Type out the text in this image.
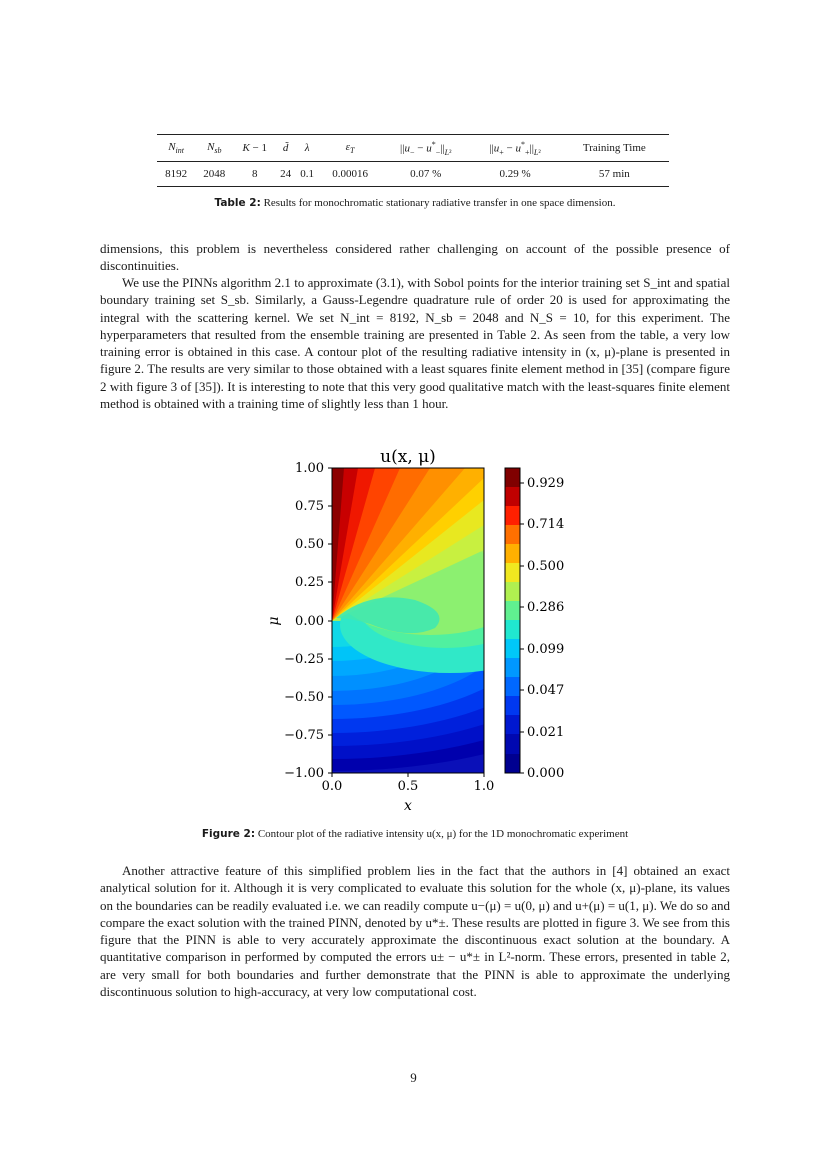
$N_{int}$	$N_{sb}$	K − 1	d̃	λ	$\varepsilon_T$	$||u_- - u^*_-||_{L^2}$	$||u_+ - u^*_+||_{L^2}$	Training Time

8192	2048	8	24	0.1	0.00016	0.07 %	0.29 %	57 min
Table 2: Results for monochromatic stationary radiative transfer in one space dimension.

dimensions, this problem is nevertheless considered rather challenging on account of the possible presence of discontinuities.

We use the PINNs algorithm 2.1 to approximate (3.1), with Sobol points for the interior training set S_int and spatial boundary training set S_sb. Similarly, a Gauss-Legendre quadrature rule of order 20 is used for approximating the integral with the scattering kernel. We set N_int = 8192, N_sb = 2048 and N_S = 10, for this experiment. The hyperparameters that resulted from the ensemble training are presented in Table 2. As seen from the table, a very low training error is obtained in this case. A contour plot of the resulting radiative intensity in (x, μ)-plane is presented in figure 2. The results are very similar to those obtained with a least squares finite element method in [35] (compare figure 2 with figure 3 of [35]). It is interesting to note that this very good qualitative match with the least-squares finite element method is obtained with a training time of slightly less than 1 hour.

u(x, μ)
1.00
0.75
0.50
0.25
0.00
−0.25
−0.50
−0.75
−1.00
μ
0.0	0.5	1.0
x
0.929
0.714
0.500
0.286
0.099
0.047
0.021
0.000
Figure 2: Contour plot of the radiative intensity u(x, μ) for the 1D monochromatic experiment

Another attractive feature of this simplified problem lies in the fact that the authors in [4] obtained an exact analytical solution for it. Although it is very complicated to evaluate this solution for the whole (x, μ)-plane, its values on the boundaries can be readily evaluated i.e. we can readily compute u−(μ) = u(0, μ) and u+(μ) = u(1, μ). We do so and compare the exact solution with the trained PINN, denoted by u*±. These results are plotted in figure 3. We see from this figure that the PINN is able to very accurately approximate the discontinuous exact solution at the boundary. A quantitative comparison in performed by computed the errors u± − u*± in L²-norm. These errors, presented in table 2, are very small for both boundaries and further demonstrate that the PINN is able to approximate the underlying discontinuous solution to high-accuracy, at very low computational cost.

9
